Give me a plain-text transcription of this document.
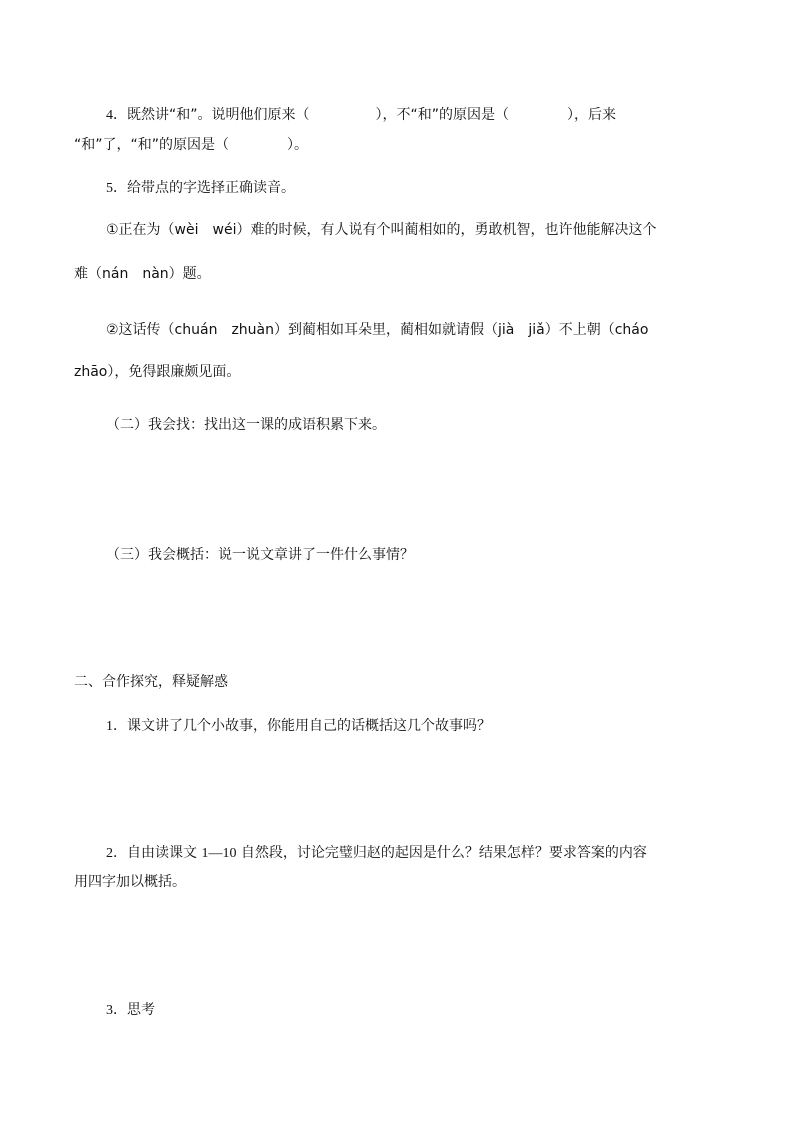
4．既然讲“和”。说明他们原来（	），不“和”的原因是（	），后来
“和”了，“和”的原因是（	）。
5．给带点的字选择正确读音。
①正在为（wèi　wéi）难的时候，有人说有个叫蔺相如的，勇敢机智，也许他能解决这个
难（nán　nàn）题。
②这话传（chuán　zhuàn）到蔺相如耳朵里，蔺相如就请假（jià　jiǎ）不上朝（cháo
zhāo），免得跟廉颇见面。
（二）我会找：找出这一课的成语积累下来。
（三）我会概括：说一说文章讲了一件什么事情？
二、合作探究，释疑解惑
1．课文讲了几个小故事，你能用自己的话概括这几个故事吗？
2．自由读课文 1—10 自然段，讨论完璧归赵的起因是什么？结果怎样？要求答案的内容
用四字加以概括。
3．思考
